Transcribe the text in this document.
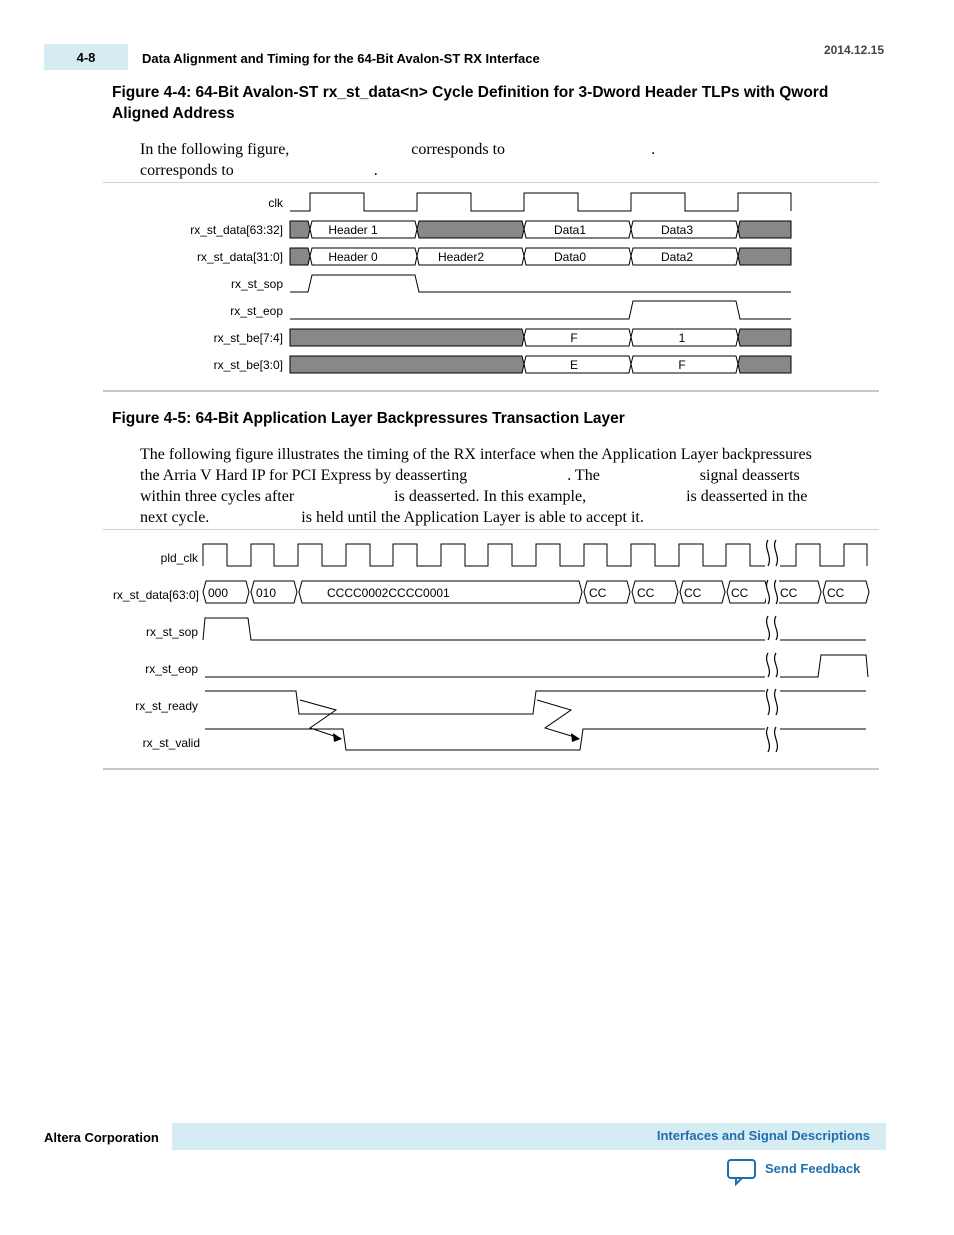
4-8	Data Alignment and Timing for the 64-Bit Avalon-ST RX Interface
2014.12.15
Figure 4-4: 64-Bit Avalon-ST rx_st_data<n> Cycle Definition for 3-Dword Header TLPs with Qword Aligned Address
In the following figure,	corresponds to	.
corresponds to	.
clk
rx_st_data[63:32]
rx_st_data[31:0]
rx_st_sop
rx_st_eop
rx_st_be[7:4]
rx_st_be[3:0]
Header 1	Data1	Data3
Header 0	Header2	Data0	Data2
F	1
E	F
pld_clk
rx_st_data[63:0]
rx_st_sop
rx_st_eop
rx_st_ready
rx_st_valid
000 010	CCCC0002CCCC0001	CC	CC CC CC	CC CC
Figure 4-5: 64-Bit Application Layer Backpressures Transaction Layer
The following figure illustrates the timing of the RX interface when the Application Layer backpressures
the Arria V Hard IP for PCI Express by deasserting	. The	signal deasserts
within three cycles after	is deasserted. In this example,	is deasserted in the
next cycle.	is held until the Application Layer is able to accept it.
Altera Corporation	Interfaces and Signal Descriptions
Send Feedback
